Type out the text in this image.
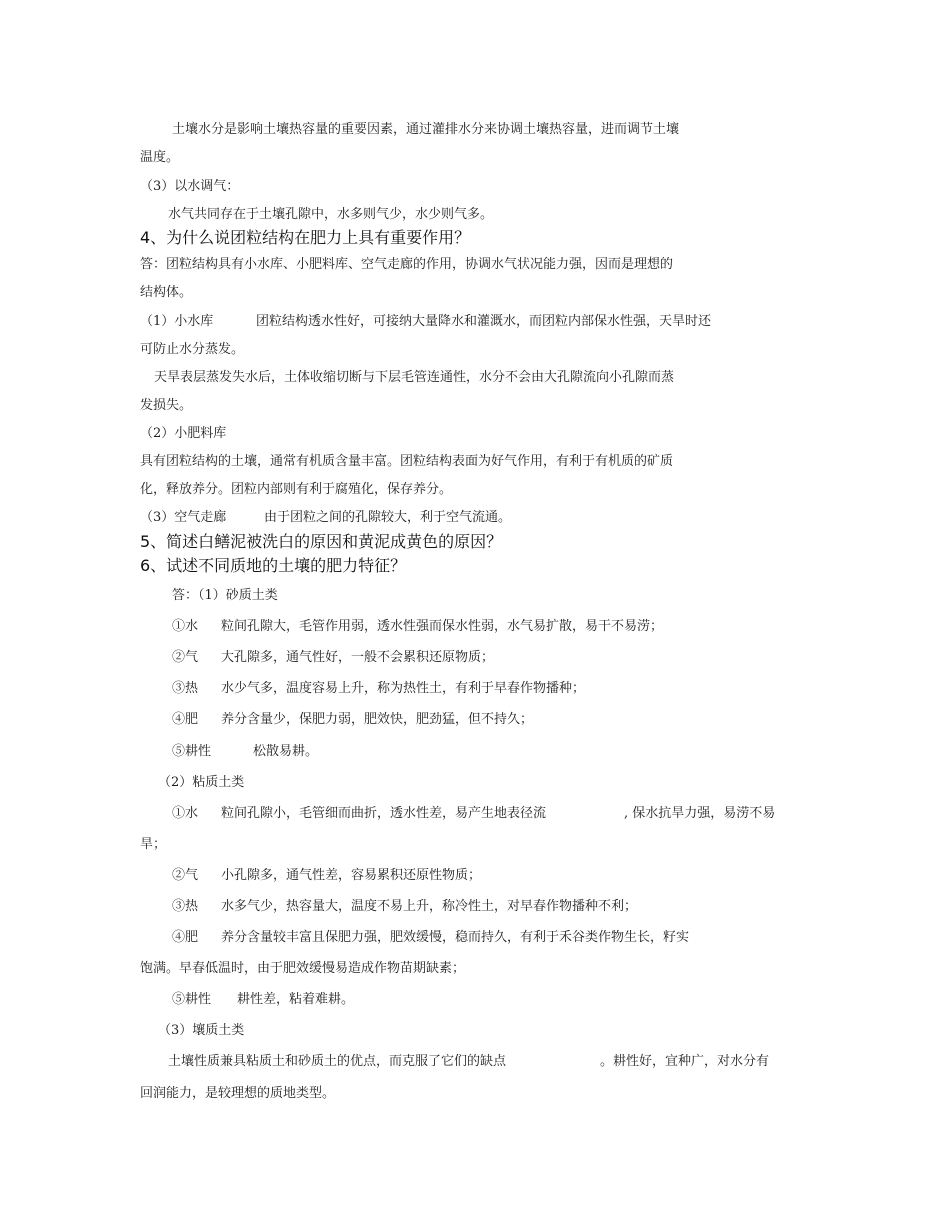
土壤水分是影响土壤热容量的重要因素，通过灌排水分来协调土壤热容量，进而调节土壤
温度。
（3）以水调气：
水气共同存在于土壤孔隙中，水多则气少，水少则气多。
4、为什么说团粒结构在肥力上具有重要作用？
答：团粒结构具有小水库、小肥料库、空气走廊的作用，协调水气状况能力强，因而是理想的
结构体。
（1）小水库	团粒结构透水性好，可接纳大量降水和灌溉水，而团粒内部保水性强，天旱时还
可防止水分蒸发。
天旱表层蒸发失水后，土体收缩切断与下层毛管连通性，水分不会由大孔隙流向小孔隙而蒸
发损失。
（2）小肥料库
具有团粒结构的土壤，通常有机质含量丰富。团粒结构表面为好气作用，有利于有机质的矿质
化，释放养分。团粒内部则有利于腐殖化，保存养分。
（3）空气走廊	由于团粒之间的孔隙较大，利于空气流通。
5、简述白鳝泥被洗白的原因和黄泥成黄色的原因？
6、试述不同质地的土壤的肥力特征？
答：（1）砂质土类
①水 粒间孔隙大，毛管作用弱，透水性强而保水性弱，水气易扩散，易干不易涝；
②气 大孔隙多，通气性好，一般不会累积还原物质；
③热 水少气多，温度容易上升，称为热性土，有利于早春作物播种；
④肥 养分含量少，保肥力弱，肥效快，肥劲猛，但不持久；
⑤耕性	松散易耕。
（2）粘质土类
①水 粒间孔隙小，毛管细而曲折，透水性差，易产生地表径流	, 保水抗旱力强，易涝不易
旱；
②气 小孔隙多，通气性差，容易累积还原性物质；
③热 水多气少，热容量大，温度不易上升，称冷性土，对早春作物播种不利；
④肥 养分含量较丰富且保肥力强，肥效缓慢，稳而持久，有利于禾谷类作物生长，籽实
饱满。早春低温时，由于肥效缓慢易造成作物苗期缺素；
⑤耕性 耕性差，粘着难耕。
（3）壤质土类
土壤性质兼具粘质土和砂质土的优点，而克服了它们的缺点	。耕性好，宜种广，对水分有
回润能力，是较理想的质地类型。
